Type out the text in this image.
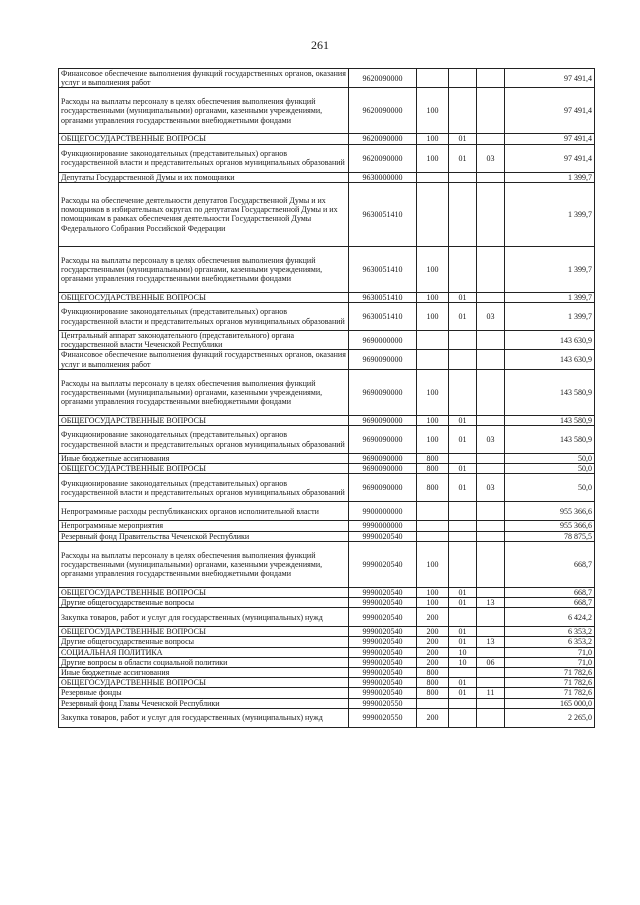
261
Финансовое обеспечение выполнения функций государственных органов, оказания услуг и выполнения работ	9620090000				97 491,4
Расходы на выплаты персоналу в целях обеспечения выполнения функций государственными (муниципальными) органами, казенными учреждениями, органами управления государственными внебюджетными фондами	9620090000	100			97 491,4
ОБЩЕГОСУДАРСТВЕННЫЕ ВОПРОСЫ	9620090000	100	01		97 491,4
Функционирование законодательных (представительных) органов государственной власти и представительных органов муниципальных образований	9620090000	100	01	03	97 491,4
Депутаты Государственной Думы и их помощники	9630000000				1 399,7
Расходы на обеспечение деятельности депутатов Государственной Думы и их помощников в избирательных округах по депутатам Государственной Думы и их помощникам в рамках обеспечения деятельности Государственной Думы Федерального Собрания Российской Федерации	9630051410				1 399,7
Расходы на выплаты персоналу в целях обеспечения выполнения функций государственными (муниципальными) органами, казенными учреждениями, органами управления государственными внебюджетными фондами	9630051410	100			1 399,7
ОБЩЕГОСУДАРСТВЕННЫЕ ВОПРОСЫ	9630051410	100	01		1 399,7
Функционирование законодательных (представительных) органов государственной власти и представительных органов муниципальных образований	9630051410	100	01	03	1 399,7
Центральный аппарат законодательного (представительного) органа государственной власти Чеченской Республики	9690000000				143 630,9
Финансовое обеспечение выполнения функций государственных органов, оказания услуг и выполнения работ	9690090000				143 630,9
Расходы на выплаты персоналу в целях обеспечения выполнения функций государственными (муниципальными) органами, казенными учреждениями, органами управления государственными внебюджетными фондами	9690090000	100			143 580,9
ОБЩЕГОСУДАРСТВЕННЫЕ ВОПРОСЫ	9690090000	100	01		143 580,9
Функционирование законодательных (представительных) органов государственной власти и представительных органов муниципальных образований	9690090000	100	01	03	143 580,9
Иные бюджетные ассигнования	9690090000	800			50,0
ОБЩЕГОСУДАРСТВЕННЫЕ ВОПРОСЫ	9690090000	800	01		50,0
Функционирование законодательных (представительных) органов государственной власти и представительных органов муниципальных образований	9690090000	800	01	03	50,0
Непрограммные расходы республиканских органов исполнительной власти	9900000000				955 366,6
Непрограммные мероприятия	9990000000				955 366,6
Резервный фонд Правительства Чеченской Республики	9990020540				78 875,5
Расходы на выплаты персоналу в целях обеспечения выполнения функций государственными (муниципальными) органами, казенными учреждениями, органами управления государственными внебюджетными фондами	9990020540	100			668,7
ОБЩЕГОСУДАРСТВЕННЫЕ ВОПРОСЫ	9990020540	100	01		668,7
Другие общегосударственные вопросы	9990020540	100	01	13	668,7
Закупка товаров, работ и услуг для государственных (муниципальных) нужд	9990020540	200			6 424,2
ОБЩЕГОСУДАРСТВЕННЫЕ ВОПРОСЫ	9990020540	200	01		6 353,2
Другие общегосударственные вопросы	9990020540	200	01	13	6 353,2
СОЦИАЛЬНАЯ ПОЛИТИКА	9990020540	200	10		71,0
Другие вопросы в области социальной политики	9990020540	200	10	06	71,0
Иные бюджетные ассигнования	9990020540	800			71 782,6
ОБЩЕГОСУДАРСТВЕННЫЕ ВОПРОСЫ	9990020540	800	01		71 782,6
Резервные фонды	9990020540	800	01	11	71 782,6
Резервный фонд Главы Чеченской Республики	9990020550				165 000,0
Закупка товаров, работ и услуг для государственных (муниципальных) нужд	9990020550	200			2 265,0
